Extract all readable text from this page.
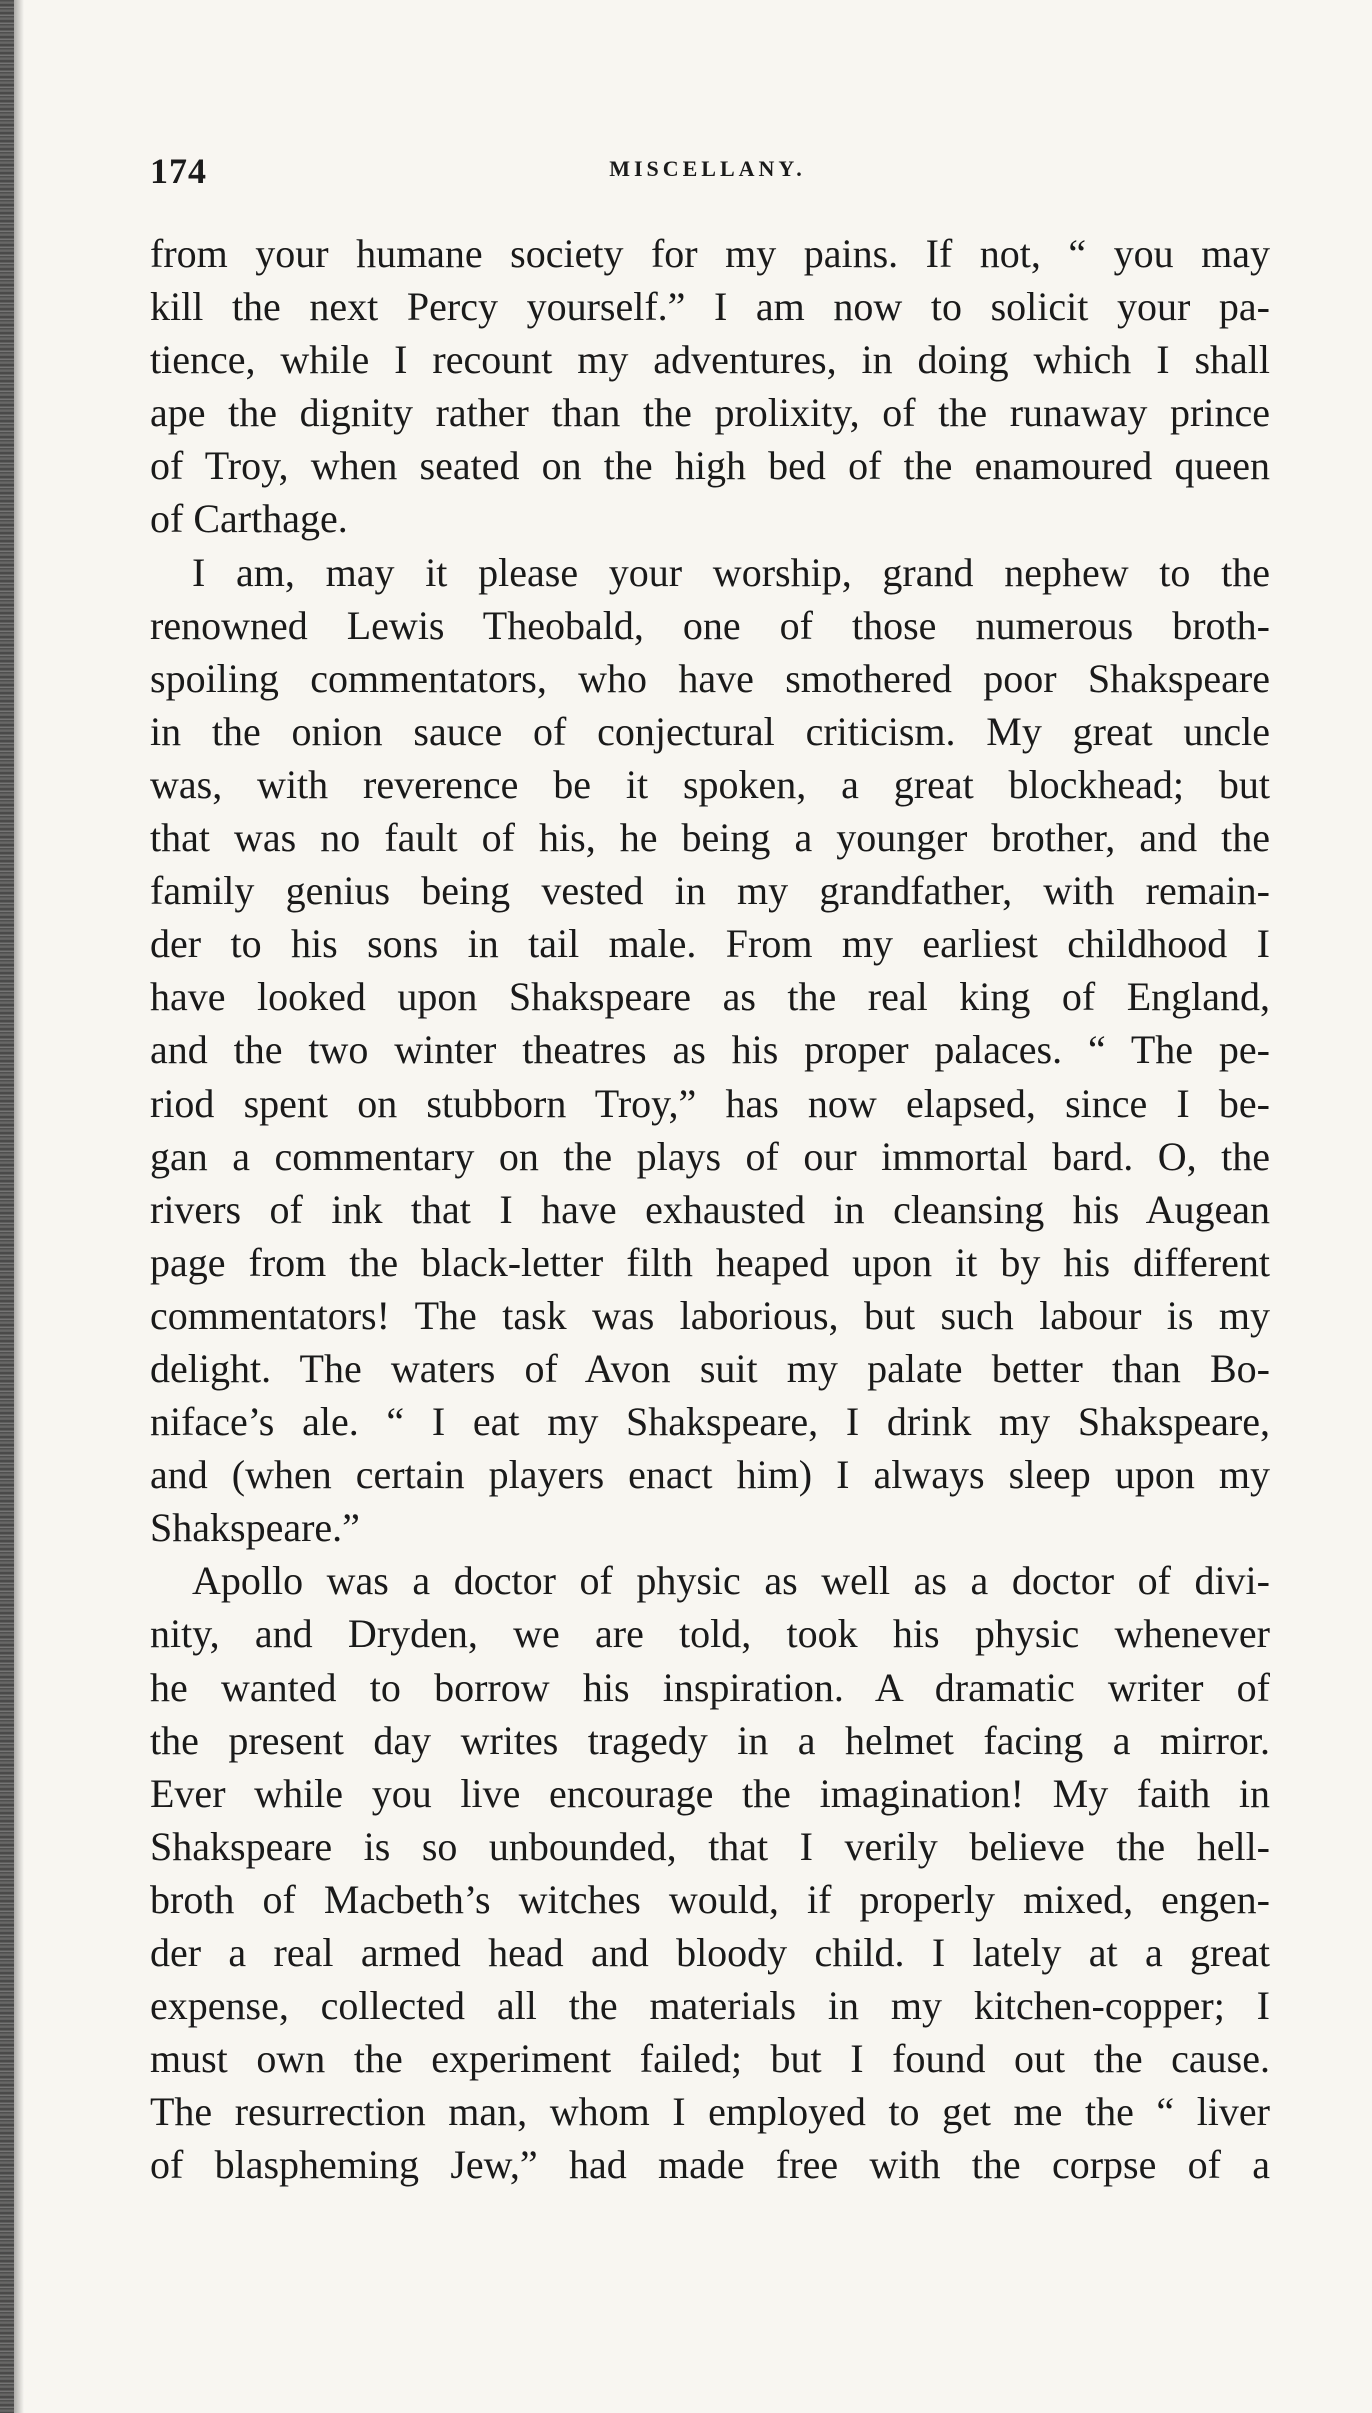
174	MISCELLANY.
from your humane society for my pains. If not, “ you may
kill the next Percy yourself.” I am now to solicit your pa-
tience, while I recount my adventures, in doing which I shall
ape the dignity rather than the prolixity, of the runaway prince
of Troy, when seated on the high bed of the enamoured queen
of Carthage.
I am, may it please your worship, grand nephew to the
renowned Lewis Theobald, one of those numerous broth-
spoiling commentators, who have smothered poor Shakspeare
in the onion sauce of conjectural criticism. My great uncle
was, with reverence be it spoken, a great blockhead; but
that was no fault of his, he being a younger brother, and the
family genius being vested in my grandfather, with remain-
der to his sons in tail male. From my earliest childhood I
have looked upon Shakspeare as the real king of England,
and the two winter theatres as his proper palaces. “ The pe-
riod spent on stubborn Troy,” has now elapsed, since I be-
gan a commentary on the plays of our immortal bard. O, the
rivers of ink that I have exhausted in cleansing his Augean
page from the black-letter filth heaped upon it by his different
commentators! The task was laborious, but such labour is my
delight. The waters of Avon suit my palate better than Bo-
niface’s ale. “ I eat my Shakspeare, I drink my Shakspeare,
and (when certain players enact him) I always sleep upon my
Shakspeare.”
Apollo was a doctor of physic as well as a doctor of divi-
nity, and Dryden, we are told, took his physic whenever
he wanted to borrow his inspiration. A dramatic writer of
the present day writes tragedy in a helmet facing a mirror.
Ever while you live encourage the imagination! My faith in
Shakspeare is so unbounded, that I verily believe the hell-
broth of Macbeth’s witches would, if properly mixed, engen-
der a real armed head and bloody child. I lately at a great
expense, collected all the materials in my kitchen-copper; I
must own the experiment failed; but I found out the cause.
The resurrection man, whom I employed to get me the “ liver
of blaspheming Jew,” had made free with the corpse of a
